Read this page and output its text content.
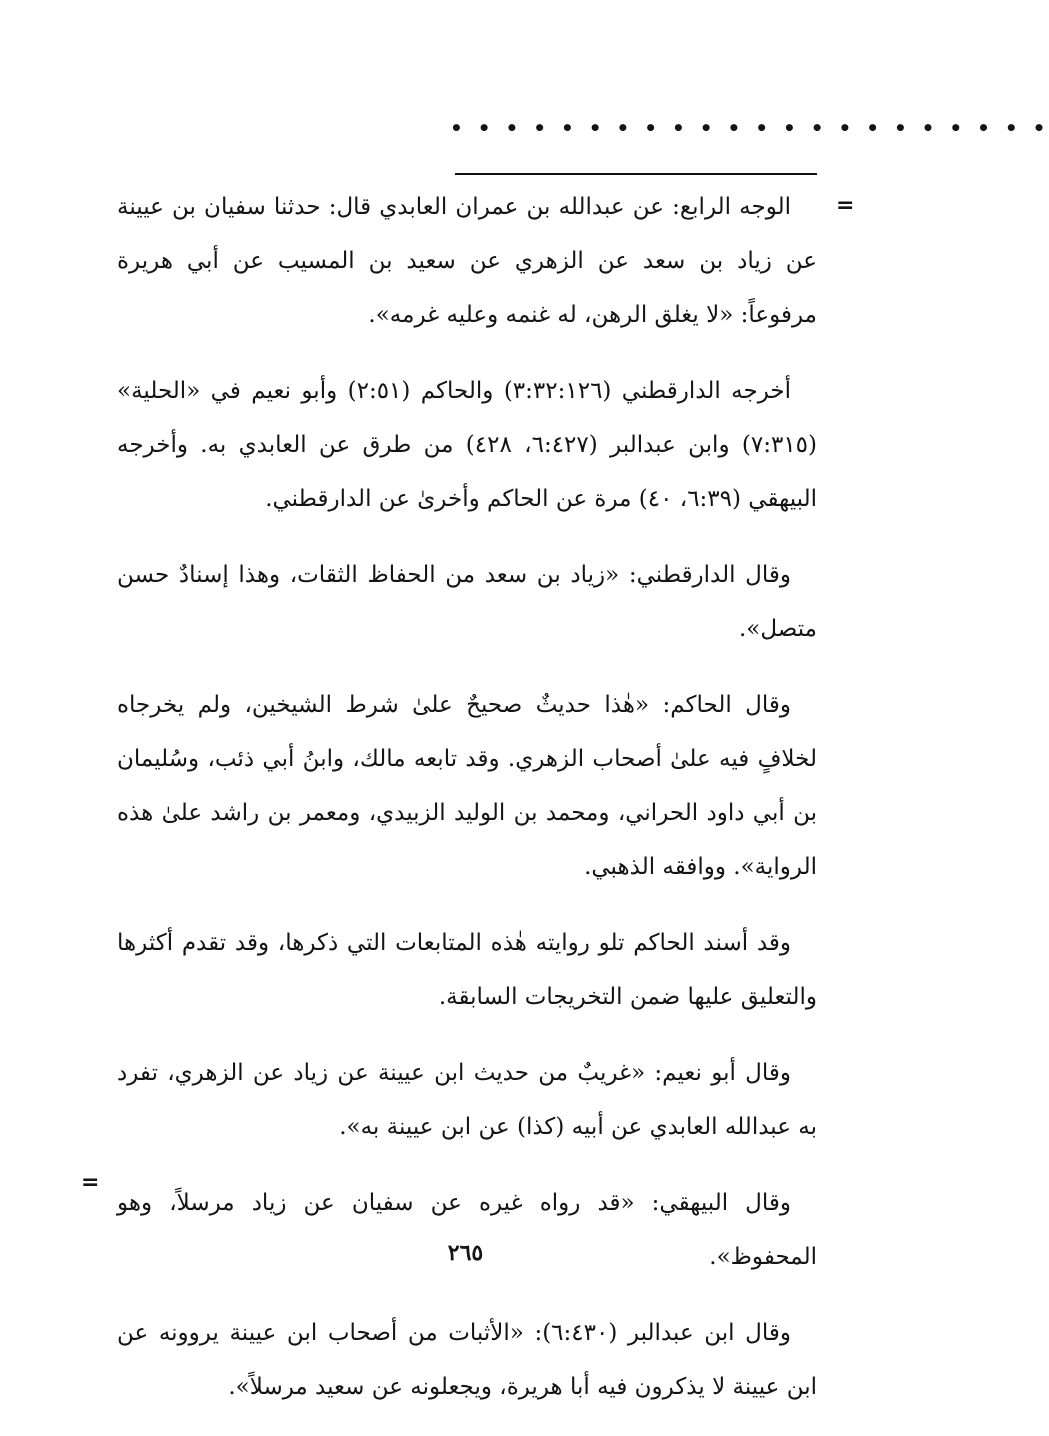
• • • • • • • • • • • • • • • • • • • • • •
=

الوجه الرابع: عن عبدالله بن عمران العابدي قال: حدثنا سفيان بن عيينة عن زياد بن سعد عن الزهري عن سعيد بن المسيب عن أبي هريرة مرفوعاً: «لا يغلق الرهن، له غنمه وعليه غرمه».

أخرجه الدارقطني (٣:٣٢:١٢٦) والحاكم (٢:٥١) وأبو نعيم في «الحلية» (٧:٣١٥) وابن عبدالبر (٦:٤٢٧، ٤٢٨) من طرق عن العابدي به. وأخرجه البيهقي (٦:٣٩، ٤٠) مرة عن الحاكم وأخرىٰ عن الدارقطني.

وقال الدارقطني: «زياد بن سعد من الحفاظ الثقات، وهذا إسنادٌ حسن متصل».

وقال الحاكم: «هٰذا حديثٌ صحيحٌ علىٰ شرط الشيخين، ولم يخرجاه لخلافٍ فيه علىٰ أصحاب الزهري. وقد تابعه مالك، وابنُ أبي ذئب، وسُليمان بن أبي داود الحراني، ومحمد بن الوليد الزبيدي، ومعمر بن راشد علىٰ هذه الرواية». ووافقه الذهبي.

وقد أسند الحاكم تلو روايته هٰذه المتابعات التي ذكرها، وقد تقدم أكثرها والتعليق عليها ضمن التخريجات السابقة.

وقال أبو نعيم: «غريبٌ من حديث ابن عيينة عن زياد عن الزهري، تفرد به عبدالله العابدي عن أبيه (كذا) عن ابن عيينة به».

وقال البيهقي: «قد رواه غيره عن سفيان عن زياد مرسلاً، وهو المحفوظ».

وقال ابن عبدالبر (٦:٤٣٠): «الأثبات من أصحاب ابن عيينة يروونه عن ابن عيينة لا يذكرون فيه أبا هريرة، ويجعلونه عن سعيد مرسلاً».

=
٢٦٥
